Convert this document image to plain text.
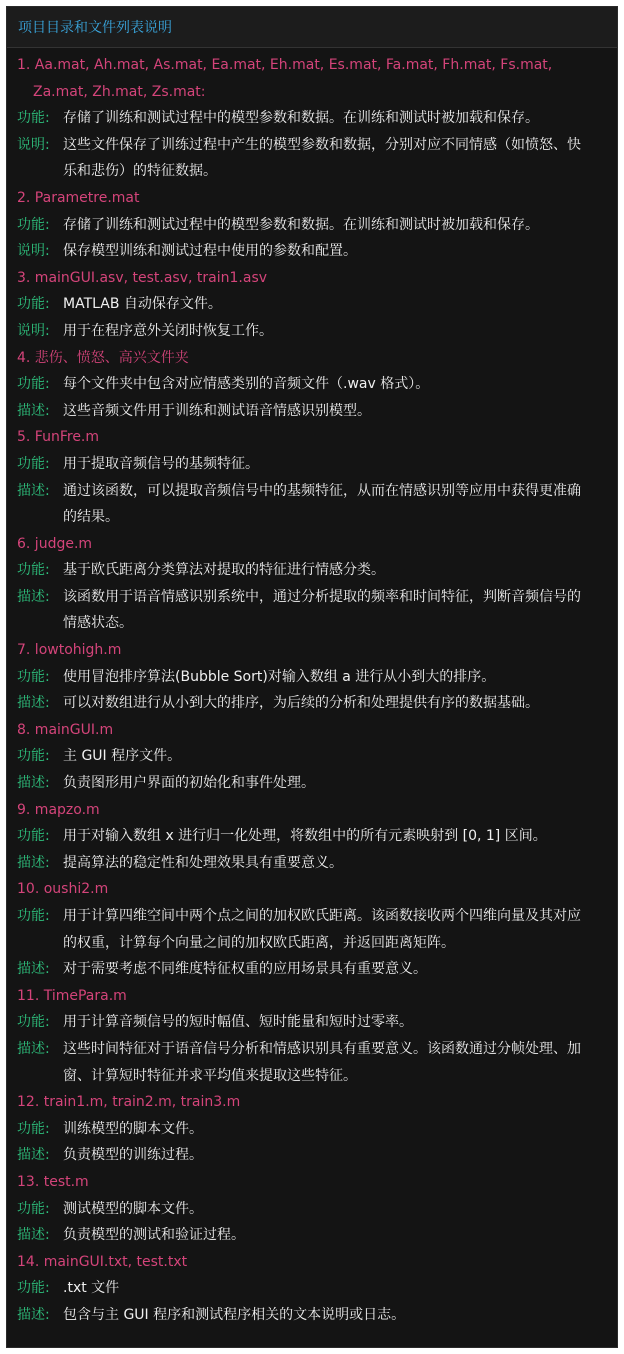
项目目录和文件列表说明
1. Aa.mat, Ah.mat, As.mat, Ea.mat, Eh.mat, Es.mat, Fa.mat, Fh.mat, Fs.mat,
Za.mat, Zh.mat, Zs.mat:
功能: 存储了训练和测试过程中的模型参数和数据。在训练和测试时被加载和保存。
说明: 这些文件保存了训练过程中产生的模型参数和数据，分别对应不同情感（如愤怒、快乐和悲伤）的特征数据。
2. Parametre.mat
功能: 存储了训练和测试过程中的模型参数和数据。在训练和测试时被加载和保存。
说明: 保存模型训练和测试过程中使用的参数和配置。
3. mainGUI.asv, test.asv, train1.asv
功能: MATLAB 自动保存文件。
说明: 用于在程序意外关闭时恢复工作。
4. 悲伤、愤怒、高兴文件夹
功能: 每个文件夹中包含对应情感类别的音频文件（.wav 格式）。
描述: 这些音频文件用于训练和测试语音情感识别模型。
5. FunFre.m
功能: 用于提取音频信号的基频特征。
描述: 通过该函数，可以提取音频信号中的基频特征，从而在情感识别等应用中获得更准确的结果。
6. judge.m
功能: 基于欧氏距离分类算法对提取的特征进行情感分类。
描述: 该函数用于语音情感识别系统中，通过分析提取的频率和时间特征，判断音频信号的情感状态。
7. lowtohigh.m
功能: 使用冒泡排序算法(Bubble Sort)对输入数组 a 进行从小到大的排序。
描述: 可以对数组进行从小到大的排序，为后续的分析和处理提供有序的数据基础。
8. mainGUI.m
功能: 主 GUI 程序文件。
描述: 负责图形用户界面的初始化和事件处理。
9. mapzo.m
功能: 用于对输入数组 x 进行归一化处理，将数组中的所有元素映射到 [0, 1] 区间。
描述: 提高算法的稳定性和处理效果具有重要意义。
10. oushi2.m
功能: 用于计算四维空间中两个点之间的加权欧氏距离。该函数接收两个四维向量及其对应的权重，计算每个向量之间的加权欧氏距离，并返回距离矩阵。
描述: 对于需要考虑不同维度特征权重的应用场景具有重要意义。
11. TimePara.m
功能: 用于计算音频信号的短时幅值、短时能量和短时过零率。
描述: 这些时间特征对于语音信号分析和情感识别具有重要意义。该函数通过分帧处理、加窗、计算短时特征并求平均值来提取这些特征。
12. train1.m, train2.m, train3.m
功能: 训练模型的脚本文件。
描述: 负责模型的训练过程。
13. test.m
功能: 测试模型的脚本文件。
描述: 负责模型的测试和验证过程。
14. mainGUI.txt, test.txt
功能: .txt 文件
描述: 包含与主 GUI 程序和测试程序相关的文本说明或日志。
